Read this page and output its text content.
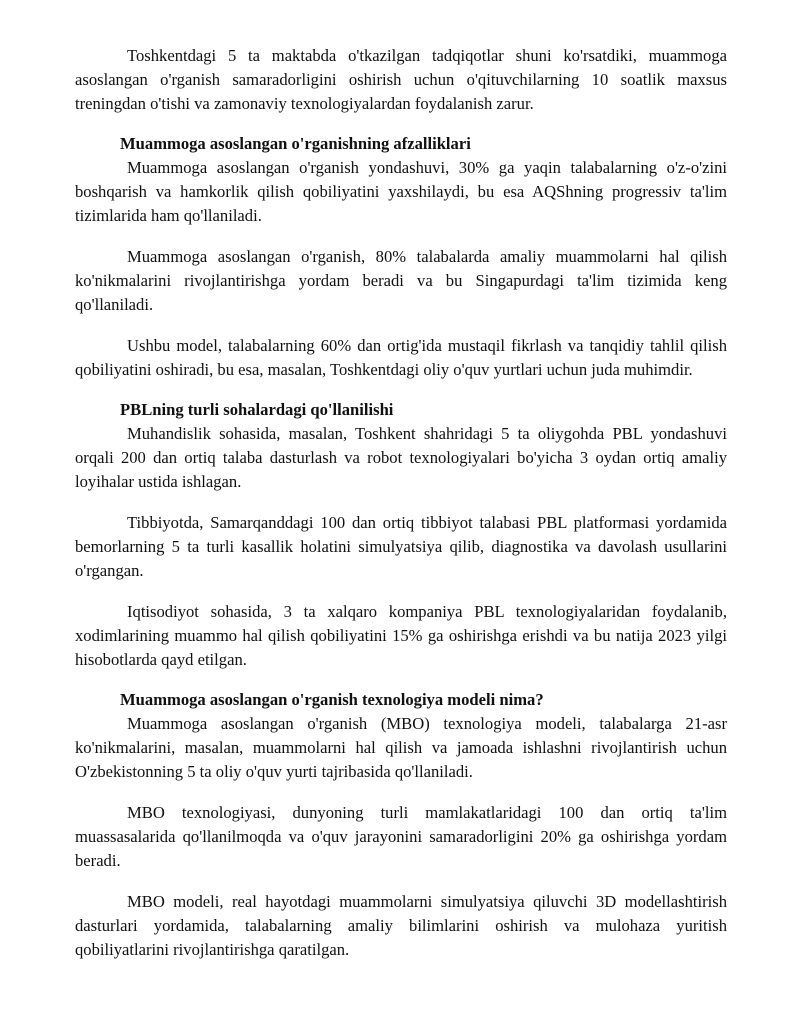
Toshkentdagi 5 ta maktabda o'tkazilgan tadqiqotlar shuni ko'rsatdiki, muammoga asoslangan o'rganish samaradorligini oshirish uchun o'qituvchilarning 10 soatlik maxsus treningdan o'tishi va zamonaviy texnologiyalardan foydalanish zarur.

Muammoga asoslangan o'rganishning afzalliklari

Muammoga asoslangan o'rganish yondashuvi, 30% ga yaqin talabalarning o'z-o'zini boshqarish va hamkorlik qilish qobiliyatini yaxshilaydi, bu esa AQShning progressiv ta'lim tizimlarida ham qo'llaniladi.

Muammoga asoslangan o'rganish, 80% talabalarda amaliy muammolarni hal qilish ko'nikmalarini rivojlantirishga yordam beradi va bu Singapurdagi ta'lim tizimida keng qo'llaniladi.

Ushbu model, talabalarning 60% dan ortig'ida mustaqil fikrlash va tanqidiy tahlil qilish qobiliyatini oshiradi, bu esa, masalan, Toshkentdagi oliy o'quv yurtlari uchun juda muhimdir.

PBLning turli sohalardagi qo'llanilishi

Muhandislik sohasida, masalan, Toshkent shahridagi 5 ta oliygohda PBL yondashuvi orqali 200 dan ortiq talaba dasturlash va robot texnologiyalari bo'yicha 3 oydan ortiq amaliy loyihalar ustida ishlagan.

Tibbiyotda, Samarqanddagi 100 dan ortiq tibbiyot talabasi PBL platformasi yordamida bemorlarning 5 ta turli kasallik holatini simulyatsiya qilib, diagnostika va davolash usullarini o'rgangan.

Iqtisodiyot sohasida, 3 ta xalqaro kompaniya PBL texnologiyalaridan foydalanib, xodimlarining muammo hal qilish qobiliyatini 15% ga oshirishga erishdi va bu natija 2023 yilgi hisobotlarda qayd etilgan.

Muammoga asoslangan o'rganish texnologiya modeli nima?

Muammoga asoslangan o'rganish (MBO) texnologiya modeli, talabalarga 21-asr ko'nikmalarini, masalan, muammolarni hal qilish va jamoada ishlashni rivojlantirish uchun O'zbekistonning 5 ta oliy o'quv yurti tajribasida qo'llaniladi.

MBO texnologiyasi, dunyoning turli mamlakatlaridagi 100 dan ortiq ta'lim muassasalarida qo'llanilmoqda va o'quv jarayonini samaradorligini 20% ga oshirishga yordam beradi.

MBO modeli, real hayotdagi muammolarni simulyatsiya qiluvchi 3D modellashtirish dasturlari yordamida, talabalarning amaliy bilimlarini oshirish va mulohaza yuritish qobiliyatlarini rivojlantirishga qaratilgan.
